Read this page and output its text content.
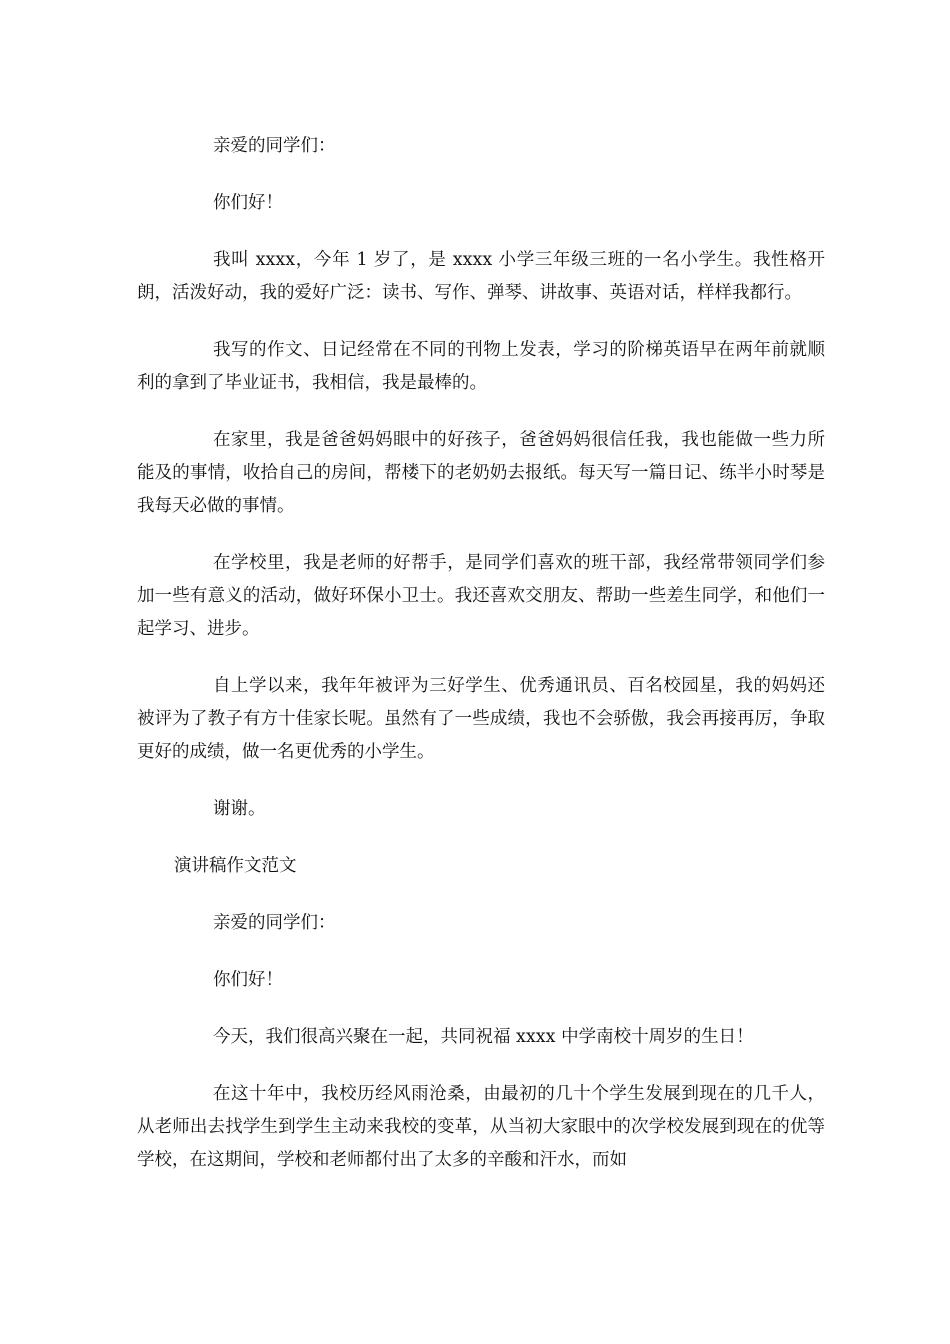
亲爱的同学们：

你们好！

我叫 xxxx，今年 1 岁了，是 xxxx 小学三年级三班的一名小学生。我性格开朗，活泼好动，我的爱好广泛：读书、写作、弹琴、讲故事、英语对话，样样我都行。

我写的作文、日记经常在不同的刊物上发表，学习的阶梯英语早在两年前就顺利的拿到了毕业证书，我相信，我是最棒的。

在家里，我是爸爸妈妈眼中的好孩子，爸爸妈妈很信任我，我也能做一些力所能及的事情，收拾自己的房间，帮楼下的老奶奶去报纸。每天写一篇日记、练半小时琴是我每天必做的事情。

在学校里，我是老师的好帮手，是同学们喜欢的班干部，我经常带领同学们参加一些有意义的活动，做好环保小卫士。我还喜欢交朋友、帮助一些差生同学，和他们一起学习、进步。

自上学以来，我年年被评为三好学生、优秀通讯员、百名校园星，我的妈妈还被评为了教子有方十佳家长呢。虽然有了一些成绩，我也不会骄傲，我会再接再厉，争取更好的成绩，做一名更优秀的小学生。

谢谢。

演讲稿作文范文

亲爱的同学们：

你们好！

今天，我们很高兴聚在一起，共同祝福 xxxx 中学南校十周岁的生日！

在这十年中，我校历经风雨沧桑，由最初的几十个学生发展到现在的几千人，从老师出去找学生到学生主动来我校的变革，从当初大家眼中的次学校发展到现在的优等学校，在这期间，学校和老师都付出了太多的辛酸和汗水，而如
